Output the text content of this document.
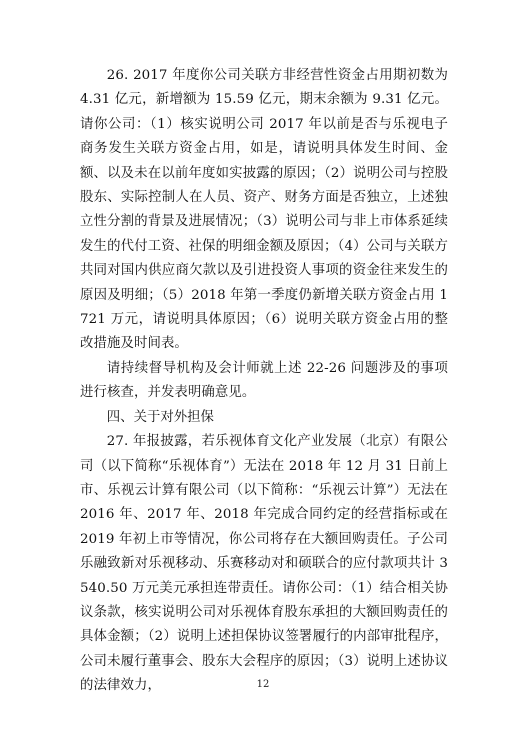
26. 2017 年度你公司关联方非经营性资金占用期初数为 4.31 亿元，新增额为 15.59 亿元，期末余额为 9.31 亿元。请你公司：（1）核实说明公司 2017 年以前是否与乐视电子商务发生关联方资金占用，如是，请说明具体发生时间、金额、以及未在以前年度如实披露的原因；（2）说明公司与控股股东、实际控制人在人员、资产、财务方面是否独立，上述独立性分割的背景及进展情况；（3）说明公司与非上市体系延续发生的代付工资、社保的明细金额及原因；（4）公司与关联方共同对国内供应商欠款以及引进投资人事项的资金往来发生的原因及明细；（5）2018 年第一季度仍新增关联方资金占用 1721 万元，请说明具体原因；（6）说明关联方资金占用的整改措施及时间表。

请持续督导机构及会计师就上述 22-26 问题涉及的事项进行核查，并发表明确意见。

四、关于对外担保

27. 年报披露，若乐视体育文化产业发展（北京）有限公司（以下简称“乐视体育”）无法在 2018 年 12 月 31 日前上市、乐视云计算有限公司（以下简称：“乐视云计算”）无法在 2016 年、2017 年、2018 年完成合同约定的经营指标或在 2019 年初上市等情况，你公司将存在大额回购责任。子公司乐融致新对乐视移动、乐赛移动对和硕联合的应付款项共计 3540.50 万元美元承担连带责任。请你公司：（1）结合相关协议条款，核实说明公司对乐视体育股东承担的大额回购责任的具体金额；（2）说明上述担保协议签署履行的内部审批程序，公司未履行董事会、股东大会程序的原因；（3）说明上述协议的法律效力，	12
